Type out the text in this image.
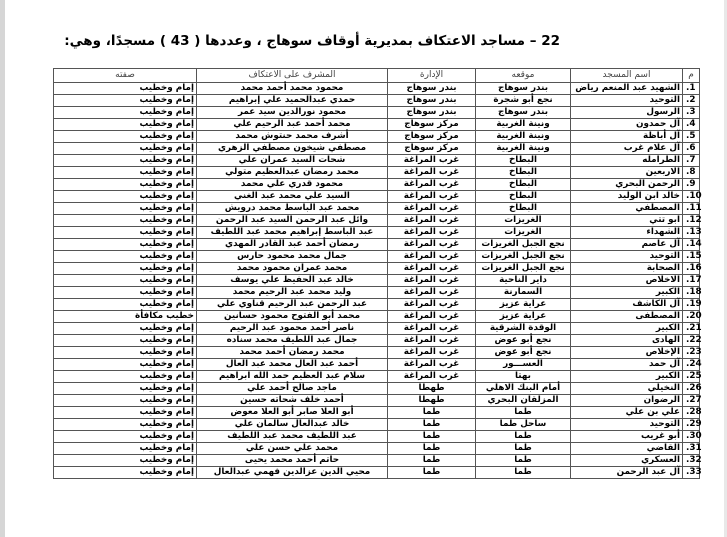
22 – مساجد الاعتكاف بمديرية أوقاف سوهاج ، وعددها ( 43 ) مسجدًا، وهي:
م	اسم المسجد	موقعه	الإدارة	المشرف على الاعتكاف	صفته
.1	الشهيد عبد المنعم رياض	بندر سوهاج	بندر سوهاج	محمود محمد أحمد محمد	إمام وخطيب
.2	التوحيد	نجع أبو شجرة	بندر سوهاج	حمدي عبدالحميد علي إبراهيم	إمام وخطيب
.3	الرسول	بندر سوهاج	بندر سوهاج	محمود نورالدين سيد عمر	إمام وخطيب
.4	آل حمدون	ونينة الغربية	مركز سوهاج	محمد أحمد عبد الرحيم علي	إمام وخطيب
.5	آل أباظة	ونينة الغربية	مركز سوهاج	أشرف محمد حنتوش محمد	إمام وخطيب
.6	آل علام غرب	ونينة الغربية	مركز سوهاج	مصطفي شيخون مصطفي الزهري	إمام وخطيب
.7	الطرامله	البطاخ	غرب المراغة	شحات السيد عمران علي	إمام وخطيب
.8	الاربعين	البطاخ	غرب المراغة	محمد رمضان عبدالعظيم متولي	إمام وخطيب
.9	الرحمن البحري	البطاخ	غرب المراغة	محمود قدري علي محمد	إمام وخطيب
.10	خالد ابن الوليد	البطاخ	غرب المراغة	السيد علي محمد عبد الغني	إمام وخطيب
.11	المصطفي	البطاخ	غرب المراغة	محمد عبد الباسط محمد درويش	إمام وخطيب
.12	ابو تتي	الغريزات	غرب المراغة	وائل عبد الرحمن السيد عبد الرحمن	إمام وخطيب
.13	الشهداء	الغريزات	غرب المراغة	عبد الباسط إبراهيم محمد عبد اللطيف	إمام وخطيب
.14	آل عاصم	نجع الجبل الغريزات	غرب المراغة	رمضان أحمد عبد القادر المهدي	إمام وخطيب
.15	التوحيد	نجع الجبل الغريزات	غرب المراغة	جمال محمد محمود حارس	إمام وخطيب
.16	الصحابة	نجع الجبل الغريزات	غرب المراغة	محمد عمران محمود محمد	إمام وخطيب
.17	الاخلاص	داير الناحية	غرب المراغة	خالد عبد الحفيظ علي يوسف	إمام وخطيب
.18	الكبير	السمارنة	غرب المراغة	وليد محمد عبد الرحيم محمد	إمام وخطيب
.19	آل الكاشف	عراية عزيز	غرب المراغة	عبد الرحمن عبد الرحيم قناوي علي	إمام وخطيب
.20	المصطفى	عراية عزيز	غرب المراغة	محمد أبو الفتوح محمود حسانين	خطيب مكافأة
.21	الكبير	الوقدة الشرقية	غرب المراغة	ناصر أحمد محمود عبد الرحيم	إمام وخطيب
.22	الهادى	نجع أبو عوض	غرب المراغة	جمال عبد اللطيف محمد سناده	إمام وخطيب
.23	الإخلاص	نجع أبو عوض	غرب المراغة	محمد رمضان أحمد محمد	إمام وخطيب
.24	آل حمد	العســـور	غرب المراغة	أحمد عبد العال محمد عبد العال	إمام وخطيب
.25	الكبير	بهتا	غرب المراغة	سلام عبد العظيم حمد الله ابراهيم	إمام وخطيب
.26	النخيلي	أمام البنك الاهلي	طهطا	ماجد صالح أحمد علي	إمام وخطيب
.27	الرضوان	المزلقان البحري	طهطا	أحمد خلف شحاته حسين	إمام وخطيب
.28	علي بن علي	طما	طما	أبو العلا صابر أبو العلا معوض	إمام وخطيب
.29	التوحيد	ساحل طما	طما	خالد عبدالعال سالمان علي	إمام وخطيب
.30	أبو غريب	طما	طما	عبد اللطيف محمد عبد اللطيف	إمام وخطيب
.31	القاضي	طما	طما	محمد علي حسن علي	إمام وخطيب
.32	العسكري	طما	طما	حاتم أحمد محمد يحيى	إمام وخطيب
.33	آل عبد الرحمن	طما	طما	محيي الدين عزالدين فهمي عبدالعال	إمام وخطيب
